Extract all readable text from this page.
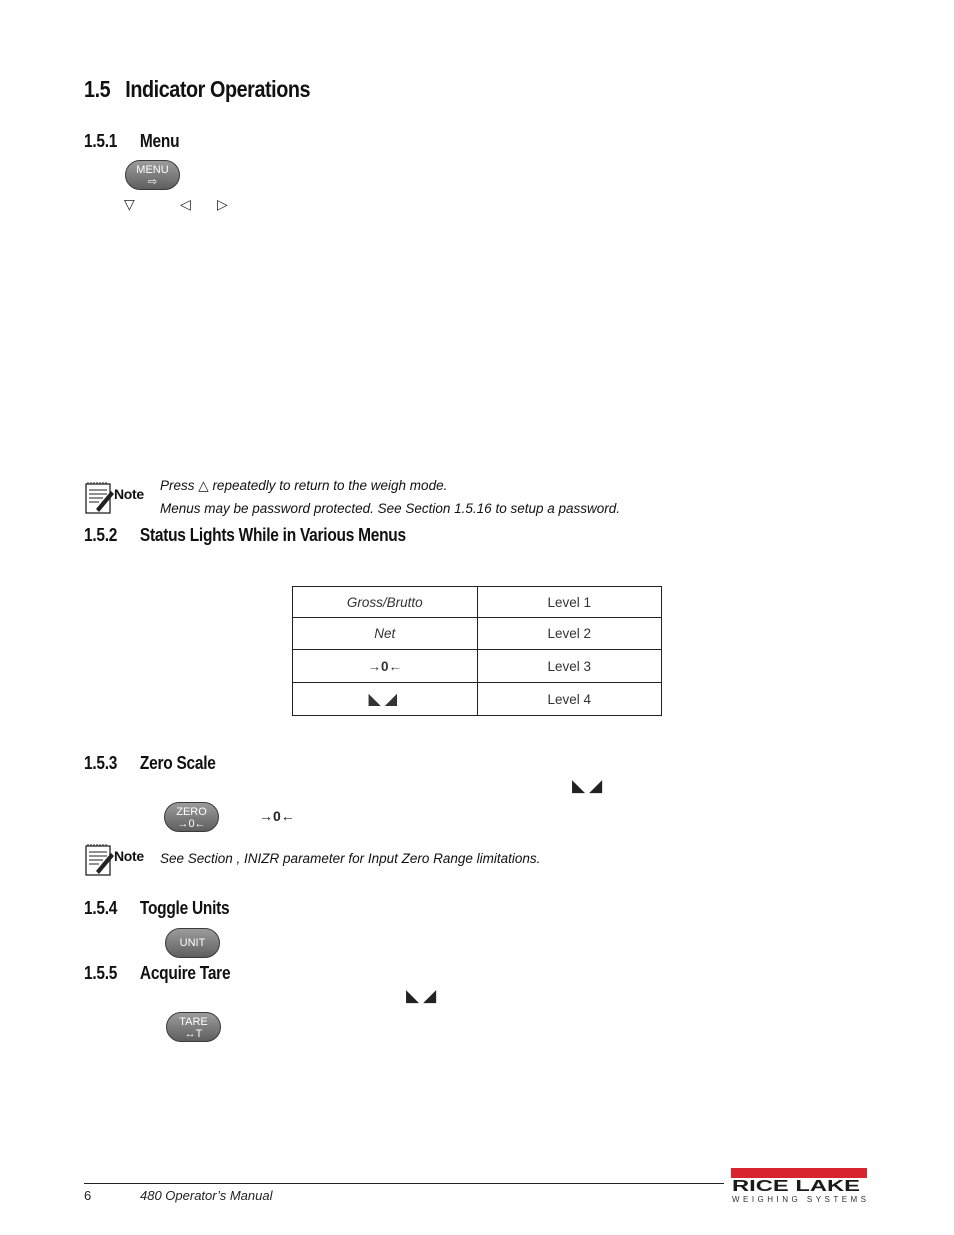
1.5 Indicator Operations
1.5.1 Menu
MENU
⇨
▽	◁ ▷
Note
Press △ repeatedly to return to the weigh mode.
Menus may be password protected. See Section 1.5.16 to setup a password.
1.5.2 Status Lights While in Various Menus
Gross/Brutto	Level 1
Net	Level 2
→0←	Level 3
◣◢	Level 4
1.5.3 Zero Scale
◣◢
ZERO
→0←	→0←
Note See Section , INIZR parameter for Input Zero Range limitations.
1.5.4 Toggle Units
UNIT
1.5.5 Acquire Tare
◣◢
TARE
↔T
6	480 Operator’s Manual
RICE LAKE
WEIGHING SYSTEMS
